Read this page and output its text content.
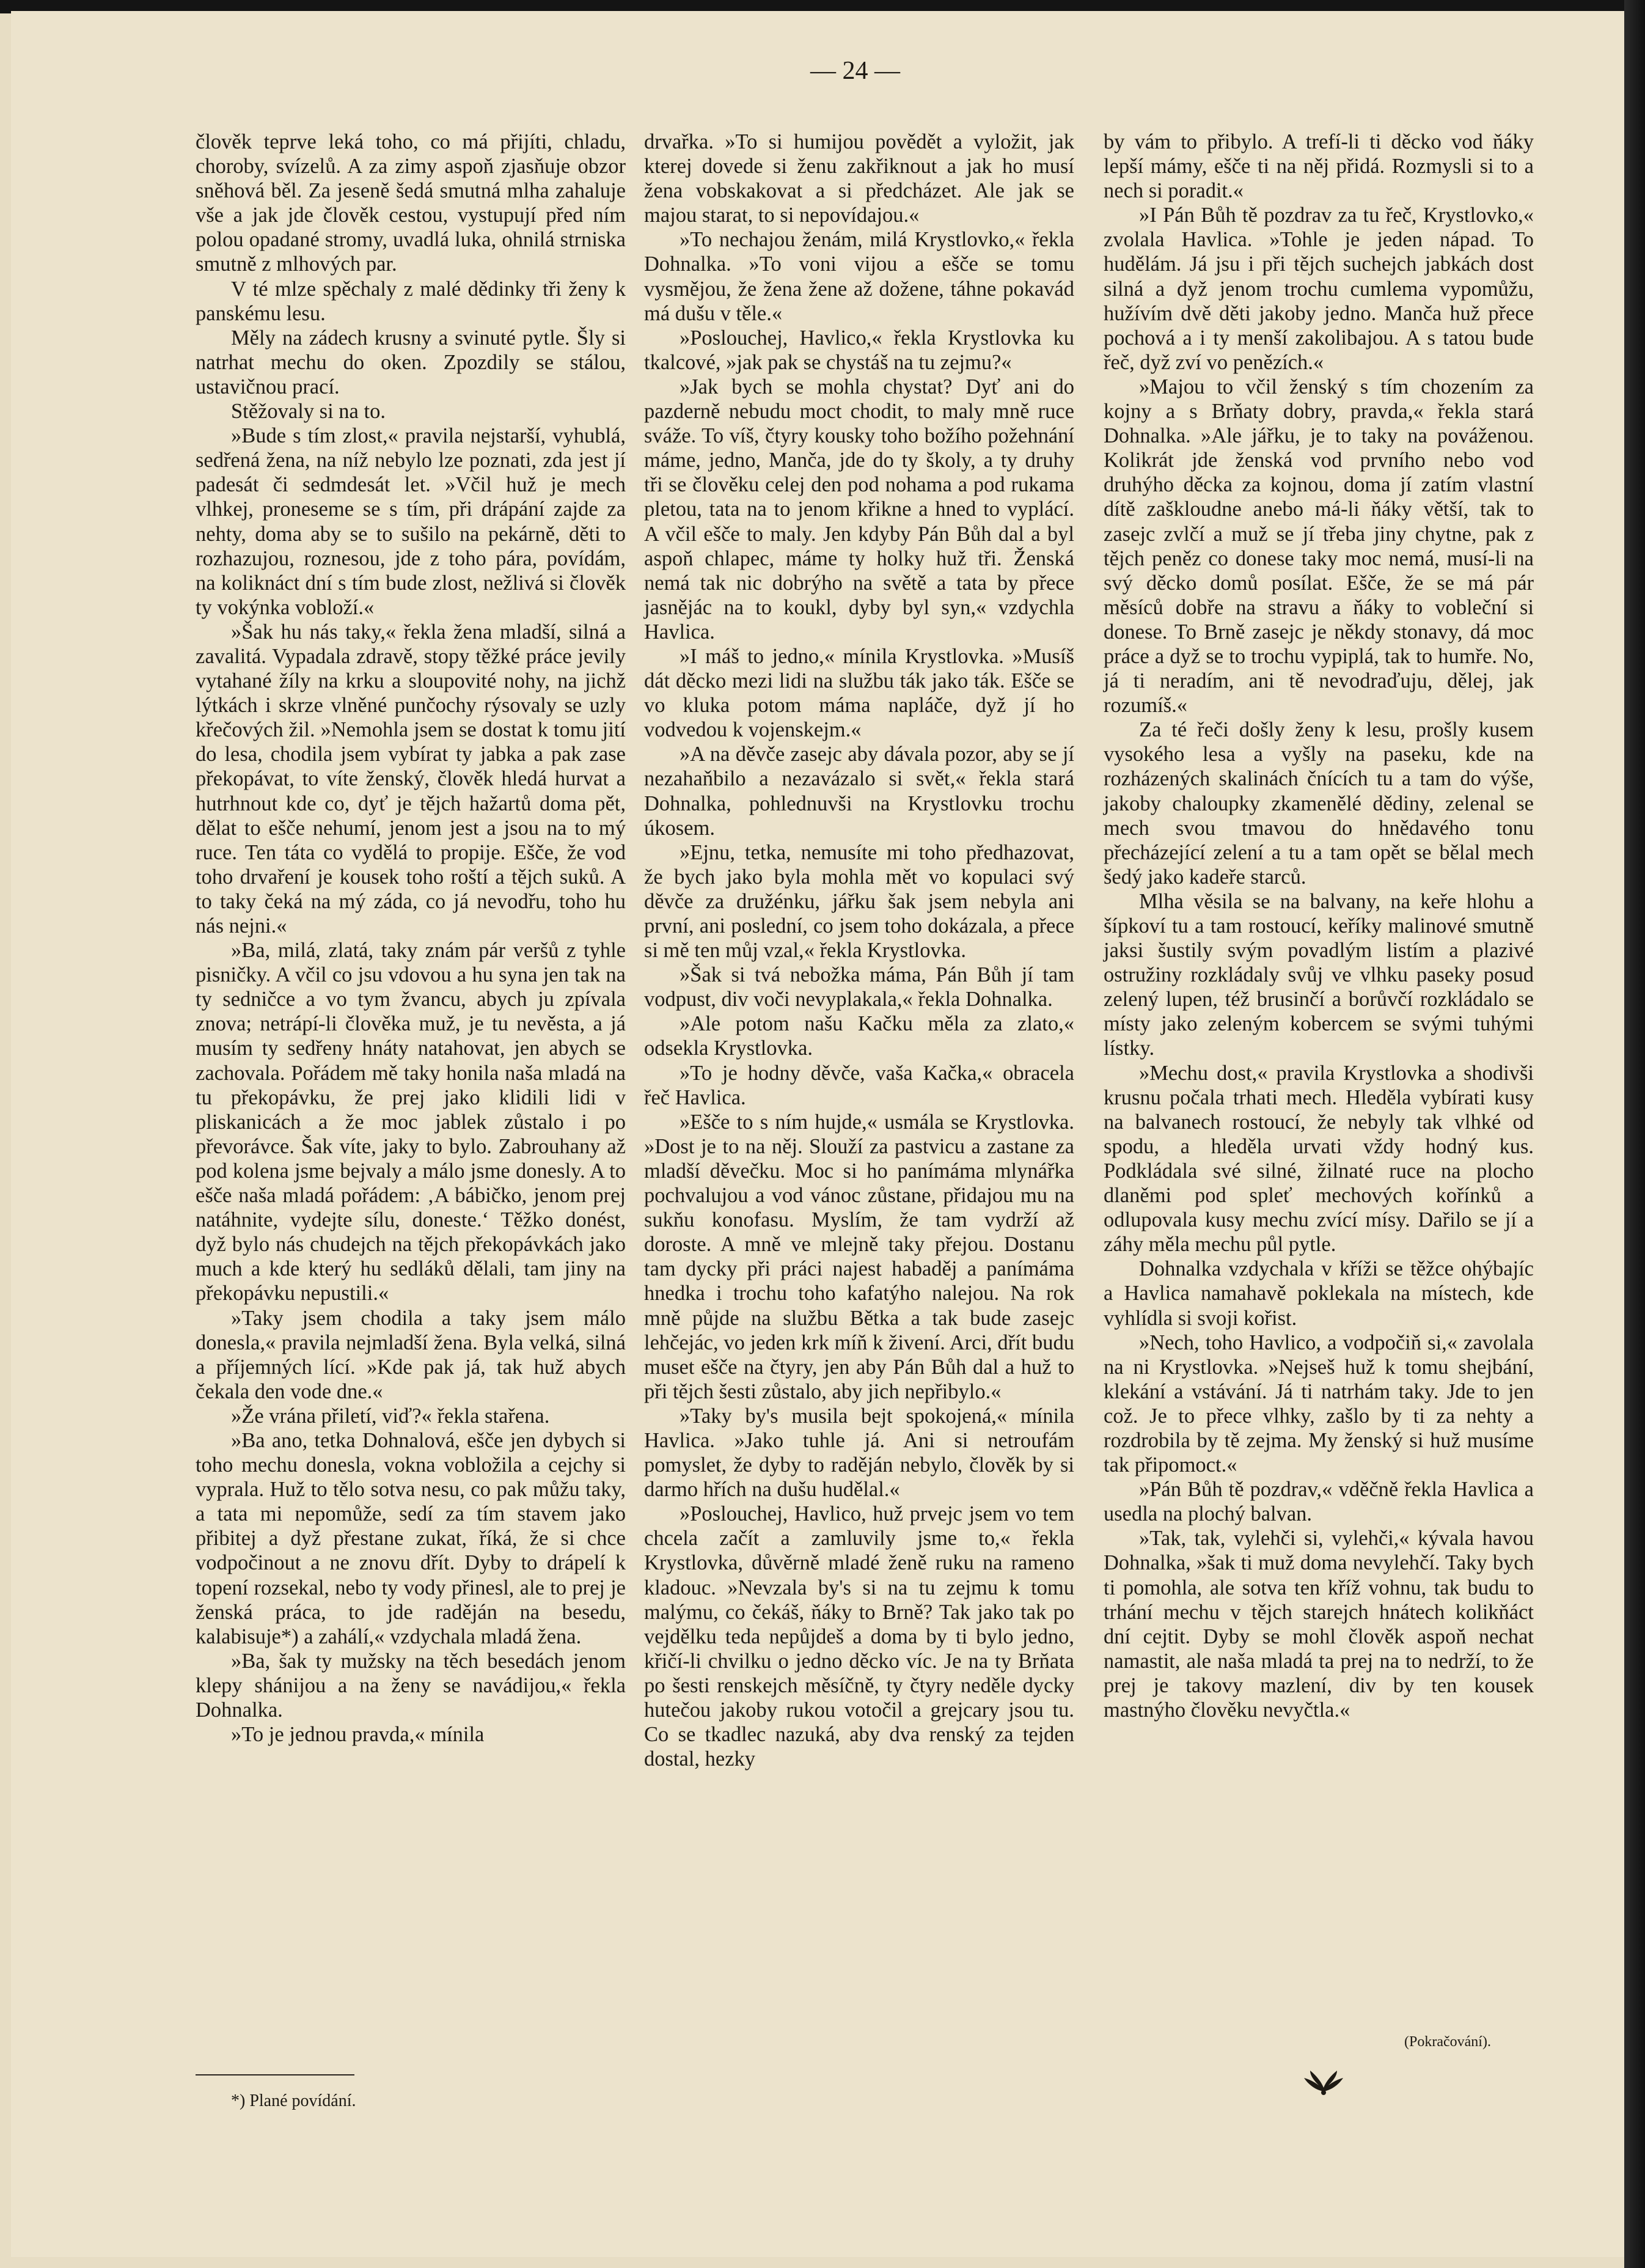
— 24 —

člověk teprve leká toho, co má přijíti, chladu, choroby, svízelů. A za zimy aspoň zjasňuje obzor sněhová běl. Za jeseně šedá smutná mlha zahaluje vše a jak jde člověk cestou, vystupují před ním polou opadané stromy, uvadlá luka, ohnilá strniska smutně z mlhových par.

V té mlze spěchaly z malé dědinky tři ženy k panskému lesu.

Měly na zádech krusny a svinuté pytle. Šly si natrhat mechu do oken. Zpozdily se stálou, ustavičnou prací.

Stěžovaly si na to.

»Bude s tím zlost,« pravila nejstarší, vyhublá, sedřená žena, na níž nebylo lze poznati, zda jest jí padesát či sedmdesát let. »Včil huž je mech vlhkej, proneseme se s tím, při drápání zajde za nehty, doma aby se to sušilo na pekárně, děti to rozhazujou, roznesou, jde z toho pára, povídám, na koliknáct dní s tím bude zlost, nežlivá si člověk ty vokýnka vobloží.«

»Šak hu nás taky,« řekla žena mladší, silná a zavalitá. Vypadala zdravě, stopy těžké práce jevily vytahané žíly na krku a sloupovité nohy, na jichž lýtkách i skrze vlněné punčochy rýsovaly se uzly křečových žil. »Nemohla jsem se dostat k tomu jití do lesa, chodila jsem vybírat ty jabka a pak zase překopávat, to víte ženský, člověk hledá hurvat a hutrhnout kde co, dyť je tějch hažartů doma pět, dělat to ešče nehumí, jenom jest a jsou na to mý ruce. Ten táta co vydělá to propije. Ešče, že vod toho drvaření je kousek toho roští a tějch suků. A to taky čeká na mý záda, co já nevodřu, toho hu nás nejni.«

»Ba, milá, zlatá, taky znám pár veršů z tyhle pisničky. A včil co jsu vdovou a hu syna jen tak na ty sedničce a vo tym žvancu, abych ju zpívala znova; netrápí-li člověka muž, je tu nevěsta, a já musím ty sedřeny hnáty natahovat, jen abych se zachovala. Pořádem mě taky honila naša mladá na tu překopávku, že prej jako klidili lidi v pliskanicách a že moc jablek zůstalo i po převorávce. Šak víte, jaky to bylo. Zabrouhany až pod kolena jsme bejvaly a málo jsme donesly. A to ešče naša mladá pořádem: ‚A bábičko, jenom prej natáhnite, vydejte sílu, doneste.‘ Těžko donést, dyž bylo nás chudejch na tějch překopávkách jako much a kde který hu sedláků dělali, tam jiny na překopávku nepustili.«

»Taky jsem chodila a taky jsem málo donesla,« pravila nejmladší žena. Byla velká, silná a příjemných lící. »Kde pak já, tak huž abych čekala den vode dne.«

»Že vrána přiletí, viď?« řekla stařena.

»Ba ano, tetka Dohnalová, ešče jen dybych si toho mechu donesla, vokna vobložila a cejchy si vyprala. Huž to tělo sotva nesu, co pak můžu taky, a tata mi nepomůže, sedí za tím stavem jako přibitej a dyž přestane zukat, říká, že si chce vodpočinout a ne znovu dřít. Dyby to drápelí k topení rozsekal, nebo ty vody přinesl, ale to prej je ženská práca, to jde raděján na besedu, kalabisuje*) a zahálí,« vzdychala mladá žena.

»Ba, šak ty mužsky na těch besedách jenom klepy shánijou a na ženy se navádijou,« řekla Dohnalka.

»To je jednou pravda,« mínila

drvařka. »To si humijou povědět a vyložit, jak kterej dovede si ženu zakřiknout a jak ho musí žena vobskakovat a si předcházet. Ale jak se majou starat, to si nepovídajou.«

»To nechajou ženám, milá Krystlovko,« řekla Dohnalka. »To voni vijou a ešče se tomu vysmějou, že žena žene až dožene, táhne pokavád má dušu v těle.«

»Poslouchej, Havlico,« řekla Krystlovka ku tkalcové, »jak pak se chystáš na tu zejmu?«

»Jak bych se mohla chystat? Dyť ani do pazderně nebudu moct chodit, to maly mně ruce sváže. To víš, čtyry kousky toho božího požehnání máme, jedno, Manča, jde do ty školy, a ty druhy tři se člověku celej den pod nohama a pod rukama pletou, tata na to jenom křikne a hned to vyplácí. A včil ešče to maly. Jen kdyby Pán Bůh dal a byl aspoň chlapec, máme ty holky huž tři. Ženská nemá tak nic dobrýho na světě a tata by přece jasnějác na to koukl, dyby byl syn,« vzdychla Havlica.

»I máš to jedno,« mínila Krystlovka. »Musíš dát děcko mezi lidi na službu ták jako ták. Ešče se vo kluka potom máma napláče, dyž jí ho vodvedou k vojenskejm.«

»A na děvče zasejc aby dávala pozor, aby se jí nezahaňbilo a nezavázalo si svět,« řekla stará Dohnalka, pohlednuvši na Krystlovku trochu úkosem.

»Ejnu, tetka, nemusíte mi toho předhazovat, že bych jako byla mohla mět vo kopulaci svý děvče za družénku, jářku šak jsem nebyla ani první, ani poslední, co jsem toho dokázala, a přece si mě ten můj vzal,« řekla Krystlovka.

»Šak si tvá nebožka máma, Pán Bůh jí tam vodpust, div voči nevyplakala,« řekla Dohnalka.

»Ale potom našu Kačku měla za zlato,« odsekla Krystlovka.

»To je hodny děvče, vaša Kačka,« obracela řeč Havlica.

»Ešče to s ním hujde,« usmála se Krystlovka. »Dost je to na něj. Slouží za pastvicu a zastane za mladší děvečku. Moc si ho panímáma mlynářka pochvalujou a vod vánoc zůstane, přidajou mu na sukňu konofasu. Myslím, že tam vydrží až doroste. A mně ve mlejně taky přejou. Dostanu tam dycky při práci najest habaděj a panímáma hnedka i trochu toho kafatýho nalejou. Na rok mně půjde na službu Bětka a tak bude zasejc lehčejác, vo jeden krk míň k živení. Arci, dřít budu muset ešče na čtyry, jen aby Pán Bůh dal a huž to při tějch šesti zůstalo, aby jich nepřibylo.«

»Taky by's musila bejt spokojená,« mínila Havlica. »Jako tuhle já. Ani si netroufám pomyslet, že dyby to raděján nebylo, člověk by si darmo hřích na dušu hudělal.«

»Poslouchej, Havlico, huž prvejc jsem vo tem chcela začít a zamluvily jsme to,« řekla Krystlovka, důvěrně mladé ženě ruku na rameno kladouc. »Nevzala by's si na tu zejmu k tomu malýmu, co čekáš, ňáky to Brně? Tak jako tak po vejdělku teda nepůjdeš a doma by ti bylo jedno, křičí-li chvilku o jedno děcko víc. Je na ty Brňata po šesti renskejch měsíčně, ty čtyry neděle dycky hutečou jakoby rukou votočil a grejcary jsou tu. Co se tkadlec nazuká, aby dva renský za tejden dostal, hezky

by vám to přibylo. A trefí-li ti děcko vod ňáky lepší mámy, ešče ti na něj přidá. Rozmysli si to a nech si poradit.«

»I Pán Bůh tě pozdrav za tu řeč, Krystlovko,« zvolala Havlica. »Tohle je jeden nápad. To hudělám. Já jsu i při tějch suchejch jabkách dost silná a dyž jenom trochu cumlema vypomůžu, hužívím dvě děti jakoby jedno. Manča huž přece pochová a i ty menší zakolibajou. A s tatou bude řeč, dyž zví vo penězích.«

»Majou to včil ženský s tím chozením za kojny a s Brňaty dobry, pravda,« řekla stará Dohnalka. »Ale jářku, je to taky na pováženou. Kolikrát jde ženská vod prvního nebo vod druhýho děcka za kojnou, doma jí zatím vlastní dítě zaškloudne anebo má-li ňáky větší, tak to zasejc zvlčí a muž se jí třeba jiny chytne, pak z tějch peněz co donese taky moc nemá, musí-li na svý děcko domů posílat. Ešče, že se má pár měsíců dobře na stravu a ňáky to vobleční si donese. To Brně zasejc je někdy stonavy, dá moc práce a dyž se to trochu vypiplá, tak to humře. No, já ti neradím, ani tě nevodraďuju, dělej, jak rozumíš.«

Za té řeči došly ženy k lesu, prošly kusem vysokého lesa a vyšly na paseku, kde na rozházených skalinách čnících tu a tam do výše, jakoby chaloupky zkamenělé dědiny, zelenal se mech svou tmavou do hnědavého tonu přecházející zelení a tu a tam opět se bělal mech šedý jako kadeře starců.

Mlha věsila se na balvany, na keře hlohu a šípkoví tu a tam rostoucí, keříky malinové smutně jaksi šustily svým povadlým listím a plazivé ostružiny rozkládaly svůj ve vlhku paseky posud zelený lupen, též brusinčí a borůvčí rozkládalo se místy jako zeleným kobercem se svými tuhými lístky.

»Mechu dost,« pravila Krystlovka a shodivši krusnu počala trhati mech. Hleděla vybírati kusy na balvanech rostoucí, že nebyly tak vlhké od spodu, a hleděla urvati vždy hodný kus. Podkládala své silné, žilnaté ruce na plocho dlaněmi pod spleť mechových kořínků a odlupovala kusy mechu zvící mísy. Dařilo se jí a záhy měla mechu půl pytle.

Dohnalka vzdychala v kříži se těžce ohýbajíc a Havlica namahavě poklekala na místech, kde vyhlídla si svoji kořist.

»Nech, toho Havlico, a vodpočiň si,« zavolala na ni Krystlovka. »Nejseš huž k tomu shejbání, klekání a vstávání. Já ti natrhám taky. Jde to jen což. Je to přece vlhky, zašlo by ti za nehty a rozdrobila by tě zejma. My ženský si huž musíme tak připomoct.«

»Pán Bůh tě pozdrav,« vděčně řekla Havlica a usedla na plochý balvan.

»Tak, tak, vylehči si, vylehči,« kývala havou Dohnalka, »šak ti muž doma nevylehčí. Taky bych ti pomohla, ale sotva ten kříž vohnu, tak budu to trhání mechu v tějch starejch hnátech kolikňáct dní cejtit. Dyby se mohl člověk aspoň nechat namastit, ale naša mladá ta prej na to nedrží, to že prej je takovy mazlení, div by ten kousek mastnýho člověku nevyčtla.«

(Pokračování).
*) Plané povídání.
